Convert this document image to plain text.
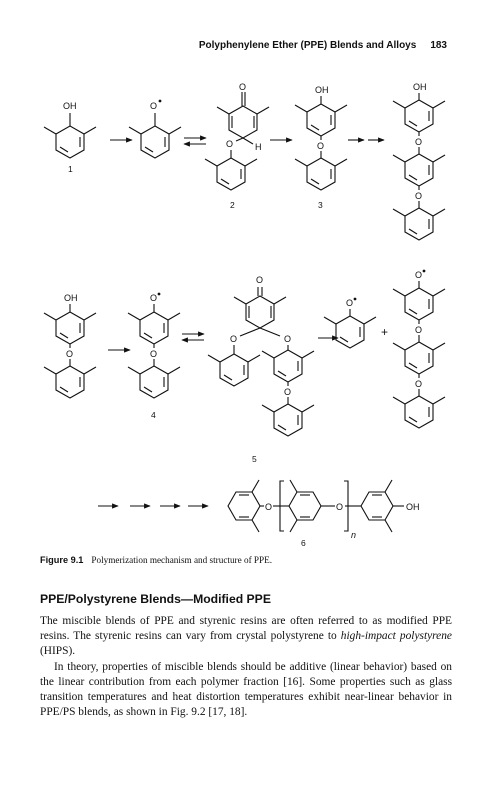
Polyphenylene Ether (PPE) Blends and Alloys 183
OH
1
O
O
H
O
2
OH
O
3
OH
O
O
OH
O
O
O
4
O
O	O
O
5
O
+
O
O
O
O	O
n
OH
6
Figure 9.1 Polymerization mechanism and structure of PPE.
PPE/Polystyrene Blends—Modified PPE

The miscible blends of PPE and styrenic resins are often referred to as modified PPE resins. The styrenic resins can vary from crystal polystyrene to high-impact polystyrene (HIPS).

In theory, properties of miscible blends should be additive (linear behavior) based on the linear contribution from each polymer fraction [16]. Some properties such as glass transition temperatures and heat distortion temperatures exhibit near-linear behavior in PPE/PS blends, as shown in Fig. 9.2 [17, 18].
